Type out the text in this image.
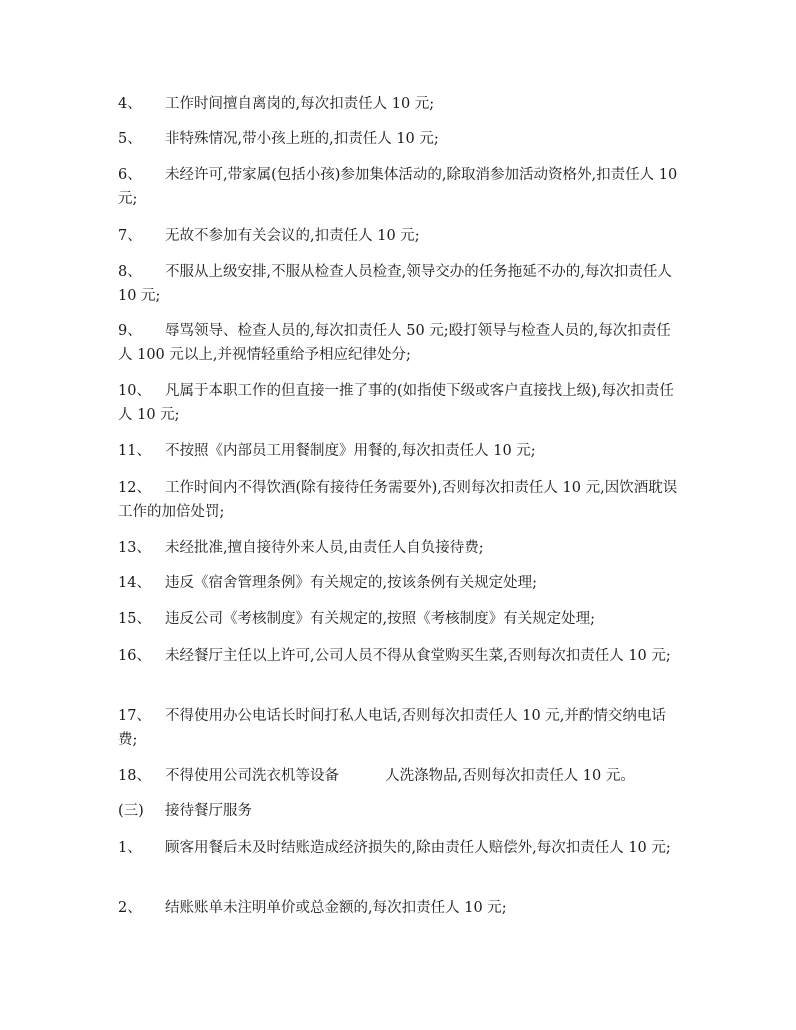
4、 工作时间擅自离岗的,每次扣责任人 10 元;
5、 非特殊情况,带小孩上班的,扣责任人 10 元;
6、 未经许可,带家属(包括小孩)参加集体活动的,除取消参加活动资格外,扣责任人 10 元;
7、 无故不参加有关会议的,扣责任人 10 元;
8、 不服从上级安排,不服从检查人员检查,领导交办的任务拖延不办的,每次扣责任人 10 元;
9、 辱骂领导、检查人员的,每次扣责任人 50 元;殴打领导与检查人员的,每次扣责任人 100 元以上,并视情轻重给予相应纪律处分;
10、 凡属于本职工作的但直接一推了事的(如指使下级或客户直接找上级),每次扣责任人 10 元;
11、 不按照《内部员工用餐制度》用餐的,每次扣责任人 10 元;
12、 工作时间内不得饮酒(除有接待任务需要外),否则每次扣责任人 10 元,因饮酒耽误工作的加倍处罚;
13、 未经批准,擅自接待外来人员,由责任人自负接待费;
14、 违反《宿舍管理条例》有关规定的,按该条例有关规定处理;
15、 违反公司《考核制度》有关规定的,按照《考核制度》有关规定处理;
16、 未经餐厅主任以上许可,公司人员不得从食堂购买生菜,否则每次扣责任人 10 元;
17、 不得使用办公电话长时间打私人电话,否则每次扣责任人 10 元,并酌情交纳电话费;
18、 不得使用公司洗衣机等设备          人洗涤物品,否则每次扣责任人 10 元。
(三) 接待餐厅服务
1、 顾客用餐后未及时结账造成经济损失的,除由责任人赔偿外,每次扣责任人 10 元;
2、 结账账单未注明单价或总金额的,每次扣责任人 10 元;
